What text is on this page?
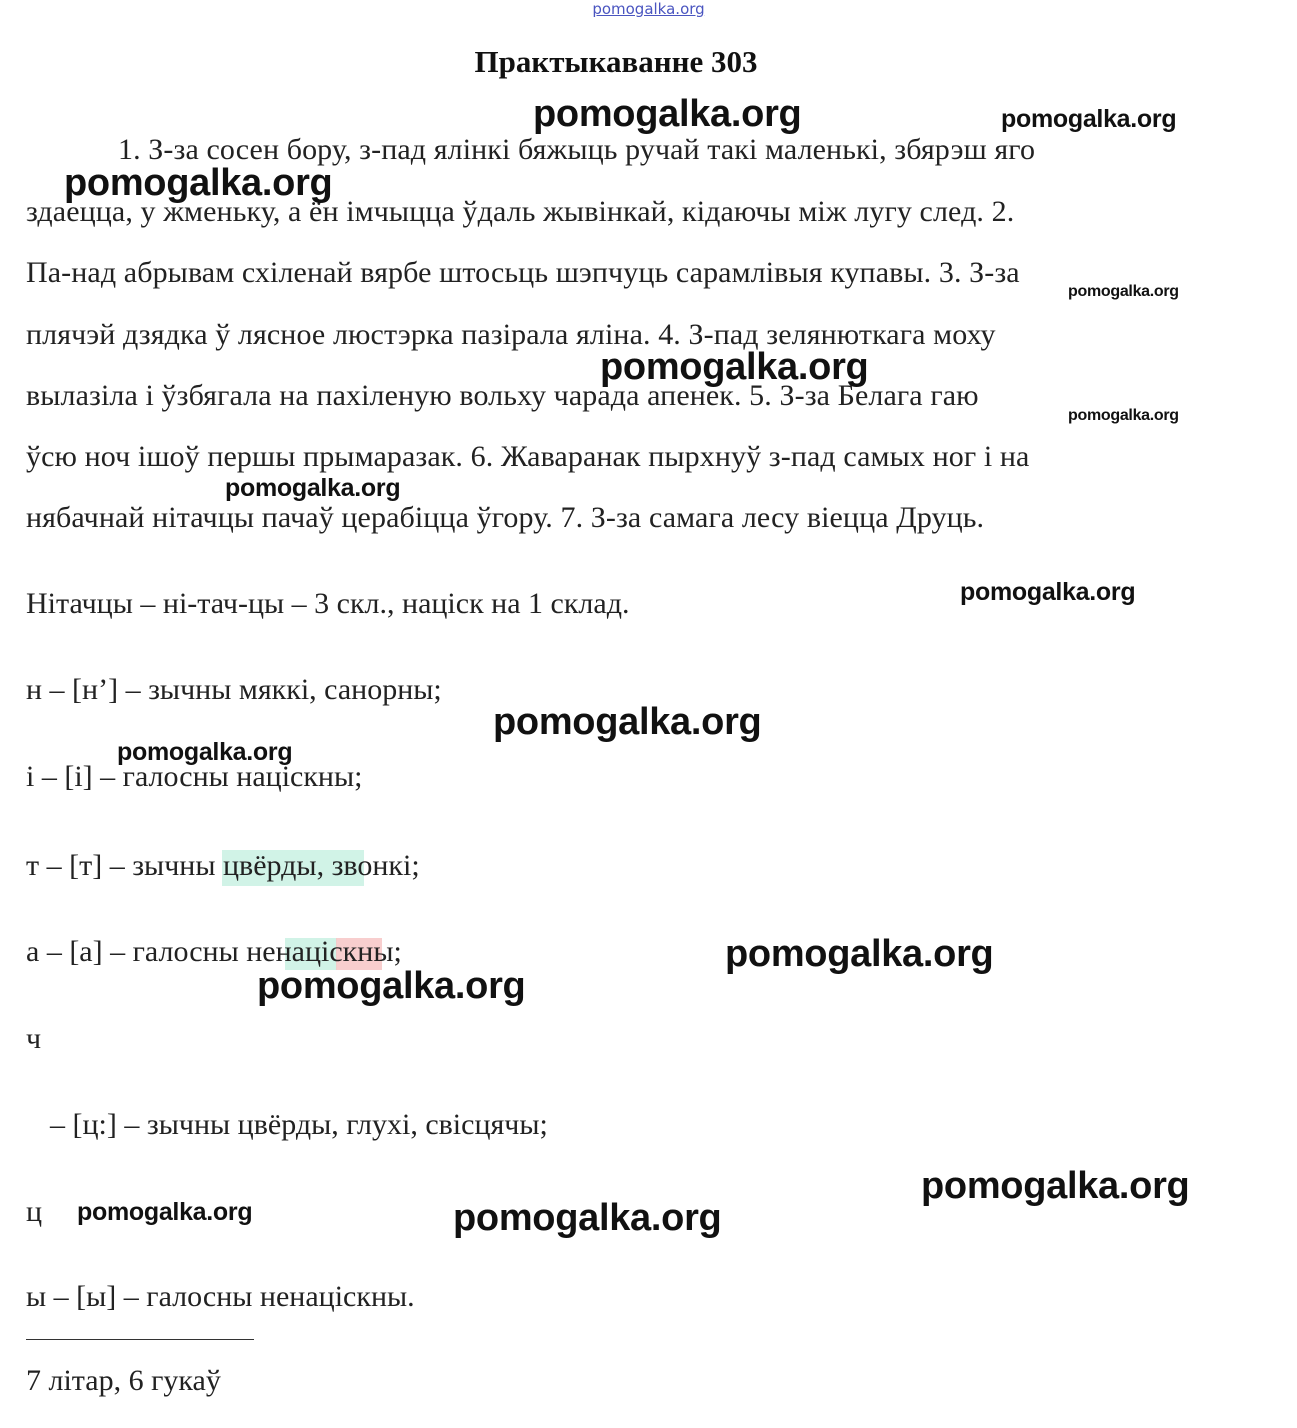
pomogalka.org
Практыкаванне 303
1. З-за сосен бору, з-пад ялінкі бяжыць ручай такі маленькі, збярэш яго
здаецца, у жменьку, а ён імчыцца ўдаль жывінкай, кідаючы між лугу след. 2.
Па-над абрывам схіленай вярбе штосьць шэпчуць сарамлівыя купавы. 3. З-за
плячэй дзядка ў лясное люстэрка пазірала яліна. 4. З-пад зелянюткага моху
вылазіла і ўзбягала на пахіленую вольху чарада апенек. 5. З-за Белага гаю
ўсю ноч ішоў першы прымаразак. 6. Жаваранак пырхнуў з-пад самых ног і на
нябачнай нітачцы пачаў церабіцца ўгору. 7. З-за самага лесу віецца Друць.
Нітачцы – ні-тач-цы – 3 скл., націск на 1 склад.
н – [н’] – зычны мяккі, санорны;
і – [і] – галосны націскны;
т – [т] – зычны цвёрды, звонкі;
а – [а] – галосны ненацiскны;
ч
– [ц:] – зычны цвёрды, глухі, свісцячы;
ц
ы – [ы] – галосны ненацiскны.
7 літар, 6 гукаў
pomogalka.org	pomogalka.org
pomogalka.org
pomogalka.org
pomogalka.org
pomogalka.org
pomogalka.org
pomogalka.org
pomogalka.org
pomogalka.org
pomogalka.org
pomogalka.org
pomogalka.org
pomogalka.org	pomogalka.org
